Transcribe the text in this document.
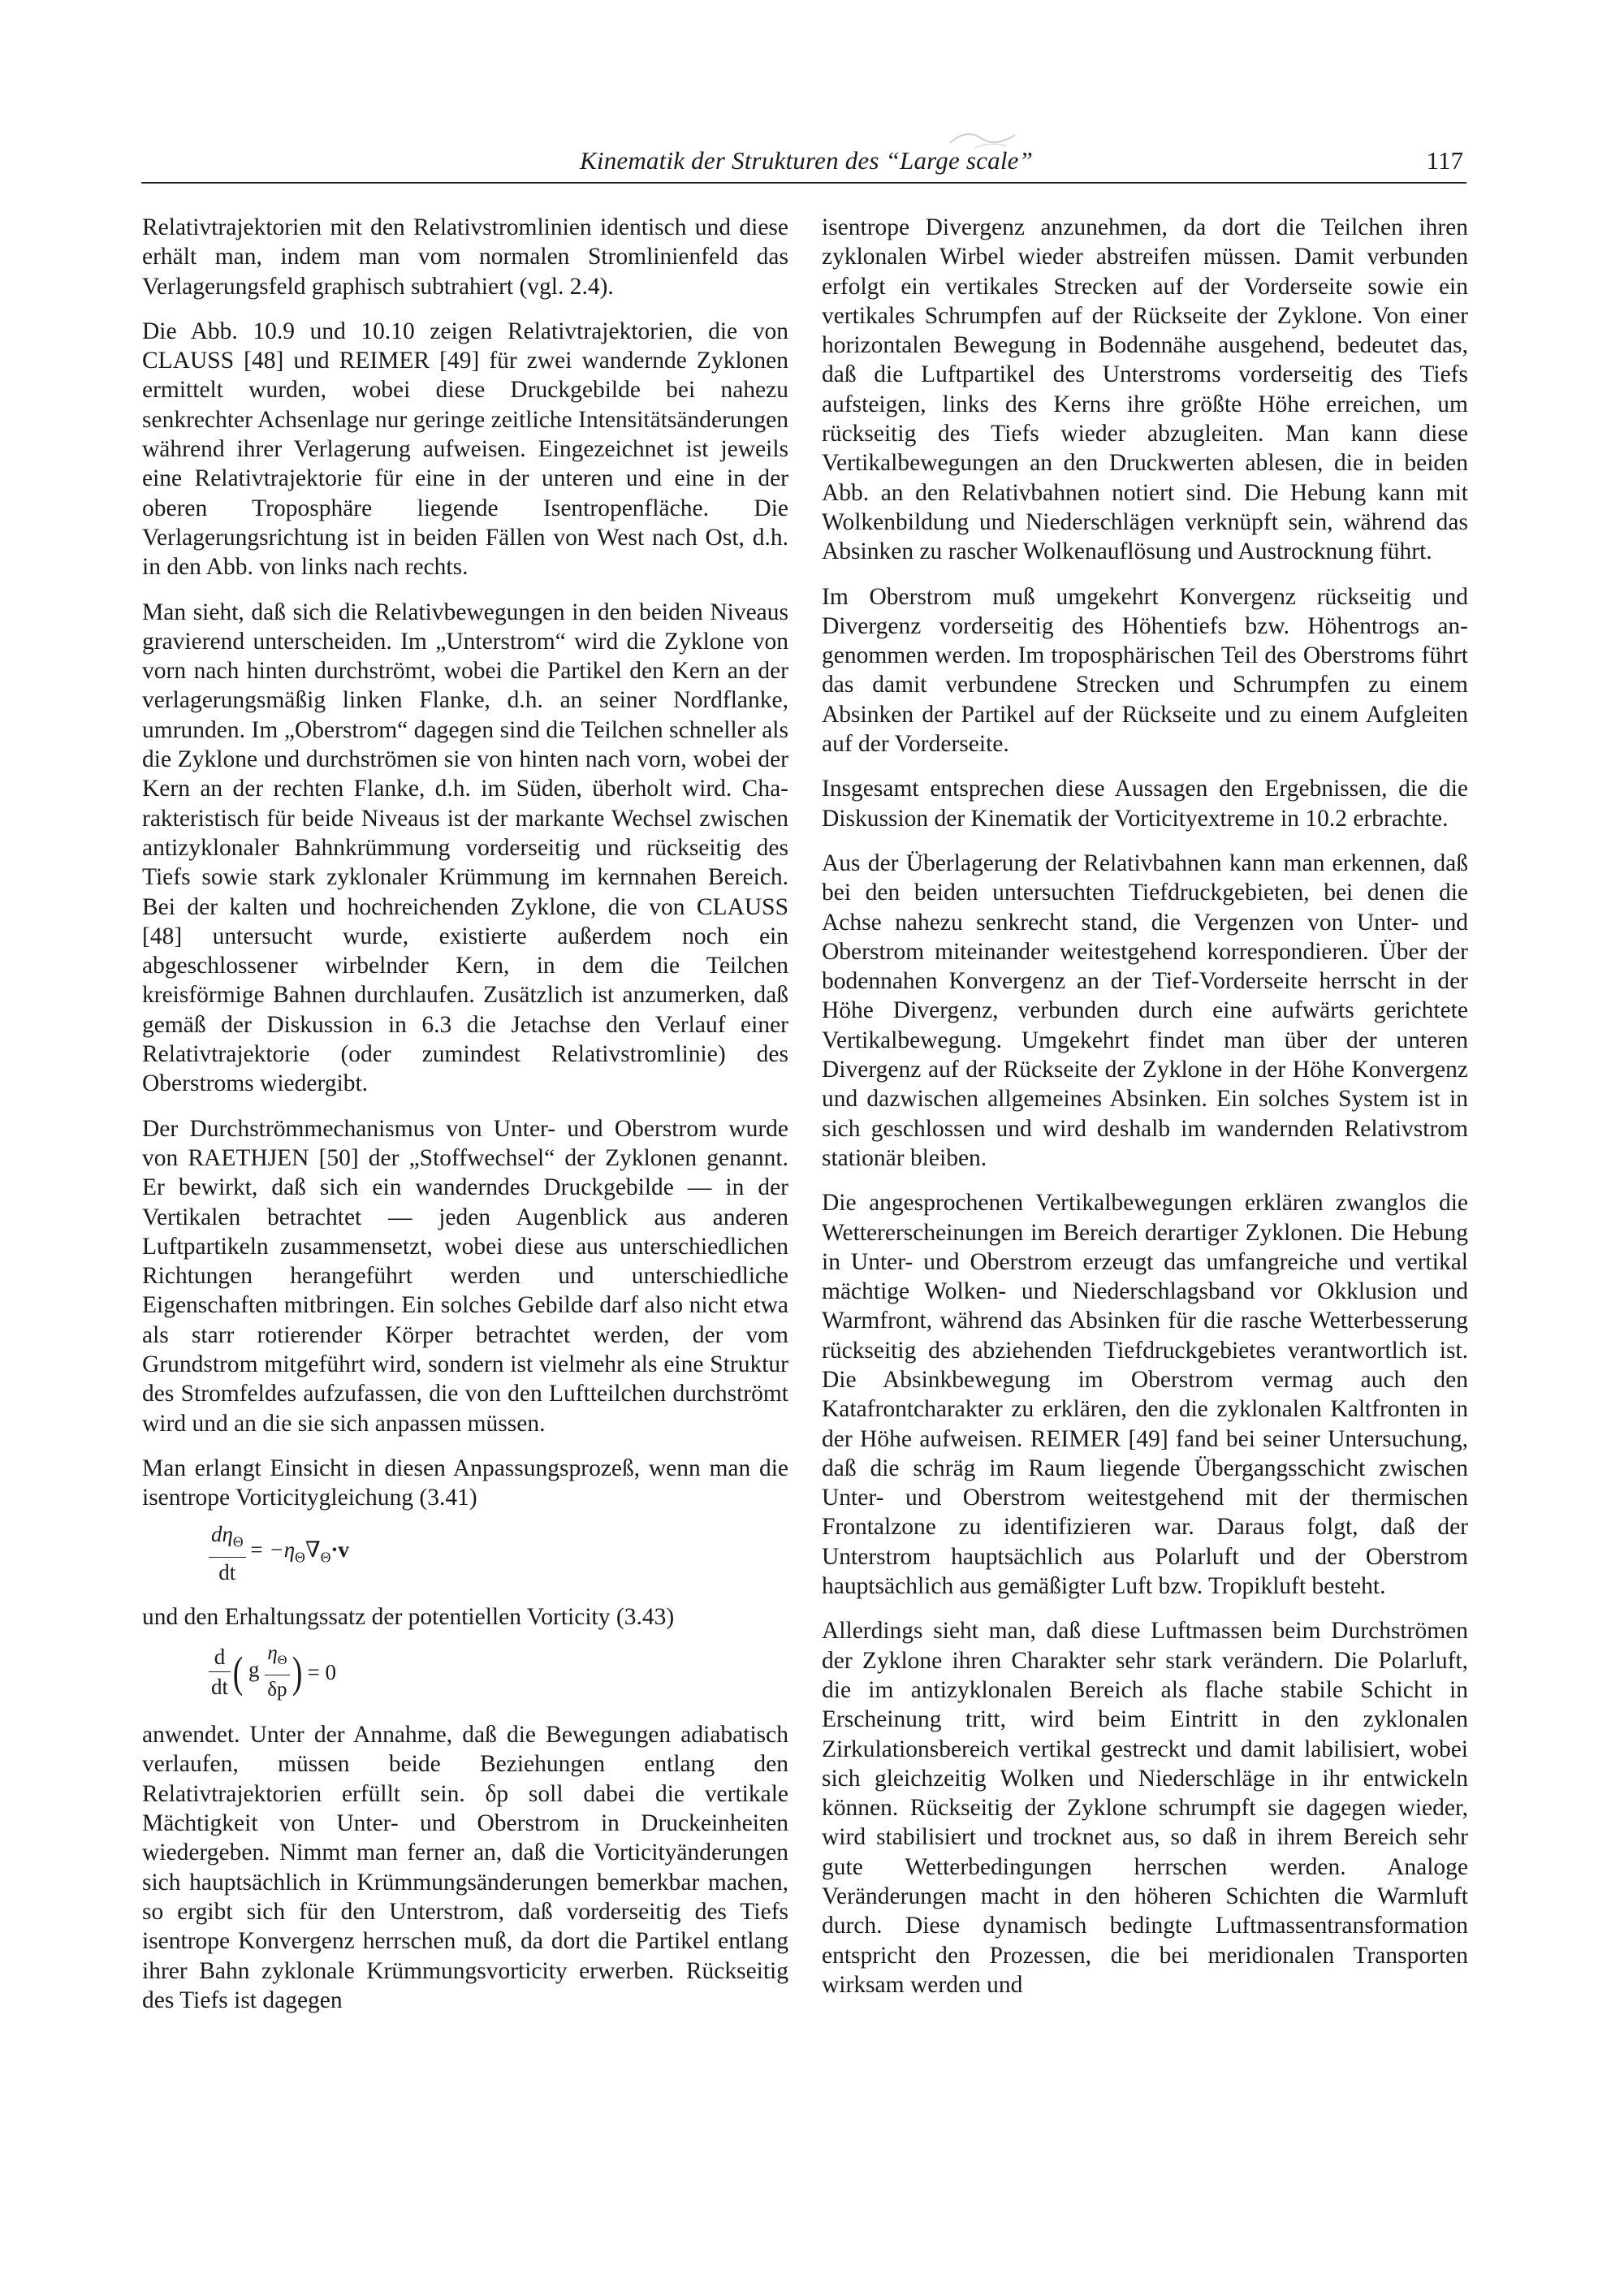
Kinematik der Strukturen des “Large scale”	117

Relativtrajektorien mit den Relativstromlinien identisch und diese erhält man, indem man vom normalen Stromlinienfeld das Verlagerungsfeld graphisch subtrahiert (vgl. 2.4).

Die Abb. 10.9 und 10.10 zeigen Relativtrajektorien, die von CLAUSS [48] und REIMER [49] für zwei wandernde Zyklonen ermittelt wurden, wobei diese Druckgebilde bei nahezu senkrechter Achsenlage nur geringe zeitliche Intensitätsänderungen während ihrer Verlagerung aufweisen. Eingezeichnet ist jeweils eine Relativtrajektorie für eine in der unteren und eine in der oberen Troposphäre liegende Isentropenfläche. Die Verlagerungsrichtung ist in beiden Fällen von West nach Ost, d.h. in den Abb. von links nach rechts.

Man sieht, daß sich die Relativbewegungen in den beiden Niveaus gravierend unterscheiden. Im „Unterstrom“ wird die Zyklone von vorn nach hinten durchströmt, wobei die Partikel den Kern an der verlagerungsmäßig linken Flanke, d.h. an seiner Nordflanke, umrunden. Im „Oberstrom“ dagegen sind die Teilchen schneller als die Zyklone und durchströmen sie von hinten nach vorn, wobei der Kern an der rechten Flanke, d.h. im Süden, überholt wird. Charakteristisch für beide Niveaus ist der markante Wechsel zwischen antizyklonaler Bahnkrümmung vorderseitig und rückseitig des Tiefs sowie stark zyklonaler Krümmung im kernnahen Bereich. Bei der kalten und hochreichenden Zyklone, die von CLAUSS [48] untersucht wurde, existierte außerdem noch ein abgeschlossener wirbelnder Kern, in dem die Teilchen kreisförmige Bahnen durchlaufen. Zusätzlich ist anzumerken, daß gemäß der Diskussion in 6.3 die Jetachse den Verlauf einer Relativtrajektorie (oder zumindest Relativstromlinie) des Oberstroms wiedergibt.

Der Durchströmmechanismus von Unter- und Oberstrom wurde von RAETHJEN [50] der „Stoffwechsel“ der Zyklonen genannt. Er bewirkt, daß sich ein wanderndes Druckgebilde — in der Vertikalen betrachtet — jeden Augenblick aus anderen Luftpartikeln zusammensetzt, wobei diese aus unterschiedlichen Richtungen herangeführt werden und unterschiedliche Eigenschaften mitbringen. Ein solches Gebilde darf also nicht etwa als starr rotierender Körper betrachtet werden, der vom Grundstrom mitgeführt wird, sondern ist vielmehr als eine Struktur des Stromfeldes aufzufassen, die von den Luftteilchen durchströmt wird und an die sie sich anpassen müssen.

Man erlangt Einsicht in diesen Anpassungsprozeß, wenn man die isentrope Vorticitygleichung (3.41)

$\frac{d\eta_\Theta}{dt} = -\eta_\Theta\nabla_\Theta\cdot v$

und den Erhaltungssatz der potentiellen Vorticity (3.43)

$\frac{d}{dt}$ ( g $\frac{\eta_\Theta}{\delta p}$ ) = 0

anwendet. Unter der Annahme, daß die Bewegungen adiabatisch verlaufen, müssen beide Beziehungen entlang den Relativtrajektorien erfüllt sein. δp soll dabei die vertikale Mächtigkeit von Unter- und Oberstrom in Druckeinheiten wiedergeben. Nimmt man ferner an, daß die Vorticityänderungen sich hauptsächlich in Krümmungsänderungen bemerkbar machen, so ergibt sich für den Unterstrom, daß vorderseitig des Tiefs isentrope Konvergenz herrschen muß, da dort die Partikel entlang ihrer Bahn zyklonale Krümmungsvorticity erwerben. Rückseitig des Tiefs ist dagegen

isentrope Divergenz anzunehmen, da dort die Teilchen ihren zyklonalen Wirbel wieder abstreifen müssen. Damit verbunden erfolgt ein vertikales Strecken auf der Vorderseite sowie ein vertikales Schrumpfen auf der Rückseite der Zyklone. Von einer horizontalen Bewegung in Bodennähe ausgehend, bedeutet das, daß die Luftpartikel des Unterstroms vorderseitig des Tiefs aufsteigen, links des Kerns ihre größte Höhe erreichen, um rückseitig des Tiefs wieder abzugleiten. Man kann diese Vertikalbewegungen an den Druckwerten ablesen, die in beiden Abb. an den Relativbahnen notiert sind. Die Hebung kann mit Wolkenbildung und Niederschlägen verknüpft sein, während das Absinken zu rascher Wolkenauflösung und Austrocknung führt.

Im Oberstrom muß umgekehrt Konvergenz rückseitig und Divergenz vorderseitig des Höhentiefs bzw. Höhentrogs angenommen werden. Im troposphärischen Teil des Oberstroms führt das damit verbundene Strecken und Schrumpfen zu einem Absinken der Partikel auf der Rückseite und zu einem Aufgleiten auf der Vorderseite.

Insgesamt entsprechen diese Aussagen den Ergebnissen, die die Diskussion der Kinematik der Vorticityextreme in 10.2 erbrachte.

Aus der Überlagerung der Relativbahnen kann man erkennen, daß bei den beiden untersuchten Tiefdruckgebieten, bei denen die Achse nahezu senkrecht stand, die Vergenzen von Unter- und Oberstrom miteinander weitestgehend korrespondieren. Über der bodennahen Konvergenz an der Tief-Vorderseite herrscht in der Höhe Divergenz, verbunden durch eine aufwärts gerichtete Vertikalbewegung. Umgekehrt findet man über der unteren Divergenz auf der Rückseite der Zyklone in der Höhe Konvergenz und dazwischen allgemeines Absinken. Ein solches System ist in sich geschlossen und wird deshalb im wandernden Relativstrom stationär bleiben.

Die angesprochenen Vertikalbewegungen erklären zwanglos die Wettererscheinungen im Bereich derartiger Zyklonen. Die Hebung in Unter- und Oberstrom erzeugt das umfangreiche und vertikal mächtige Wolken- und Niederschlagsband vor Okklusion und Warmfront, während das Absinken für die rasche Wetterbesserung rückseitig des abziehenden Tiefdruckgebietes verantwortlich ist. Die Absinkbewegung im Oberstrom vermag auch den Katafrontcharakter zu erklären, den die zyklonalen Kaltfronten in der Höhe aufweisen. REIMER [49] fand bei seiner Untersuchung, daß die schräg im Raum liegende Übergangsschicht zwischen Unter- und Oberstrom weitestgehend mit der thermischen Frontalzone zu identifizieren war. Daraus folgt, daß der Unterstrom hauptsächlich aus Polarluft und der Oberstrom hauptsächlich aus gemäßigter Luft bzw. Tropikluft besteht.

Allerdings sieht man, daß diese Luftmassen beim Durchströmen der Zyklone ihren Charakter sehr stark verändern. Die Polarluft, die im antizyklonalen Bereich als flache stabile Schicht in Erscheinung tritt, wird beim Eintritt in den zyklonalen Zirkulationsbereich vertikal gestreckt und damit labilisiert, wobei sich gleichzeitig Wolken und Niederschläge in ihr entwickeln können. Rückseitig der Zyklone schrumpft sie dagegen wieder, wird stabilisiert und trocknet aus, so daß in ihrem Bereich sehr gute Wetterbedingungen herrschen werden. Analoge Veränderungen macht in den höheren Schichten die Warmluft durch. Diese dynamisch bedingte Luftmassentransformation entspricht den Prozessen, die bei meridionalen Transporten wirksam werden und
